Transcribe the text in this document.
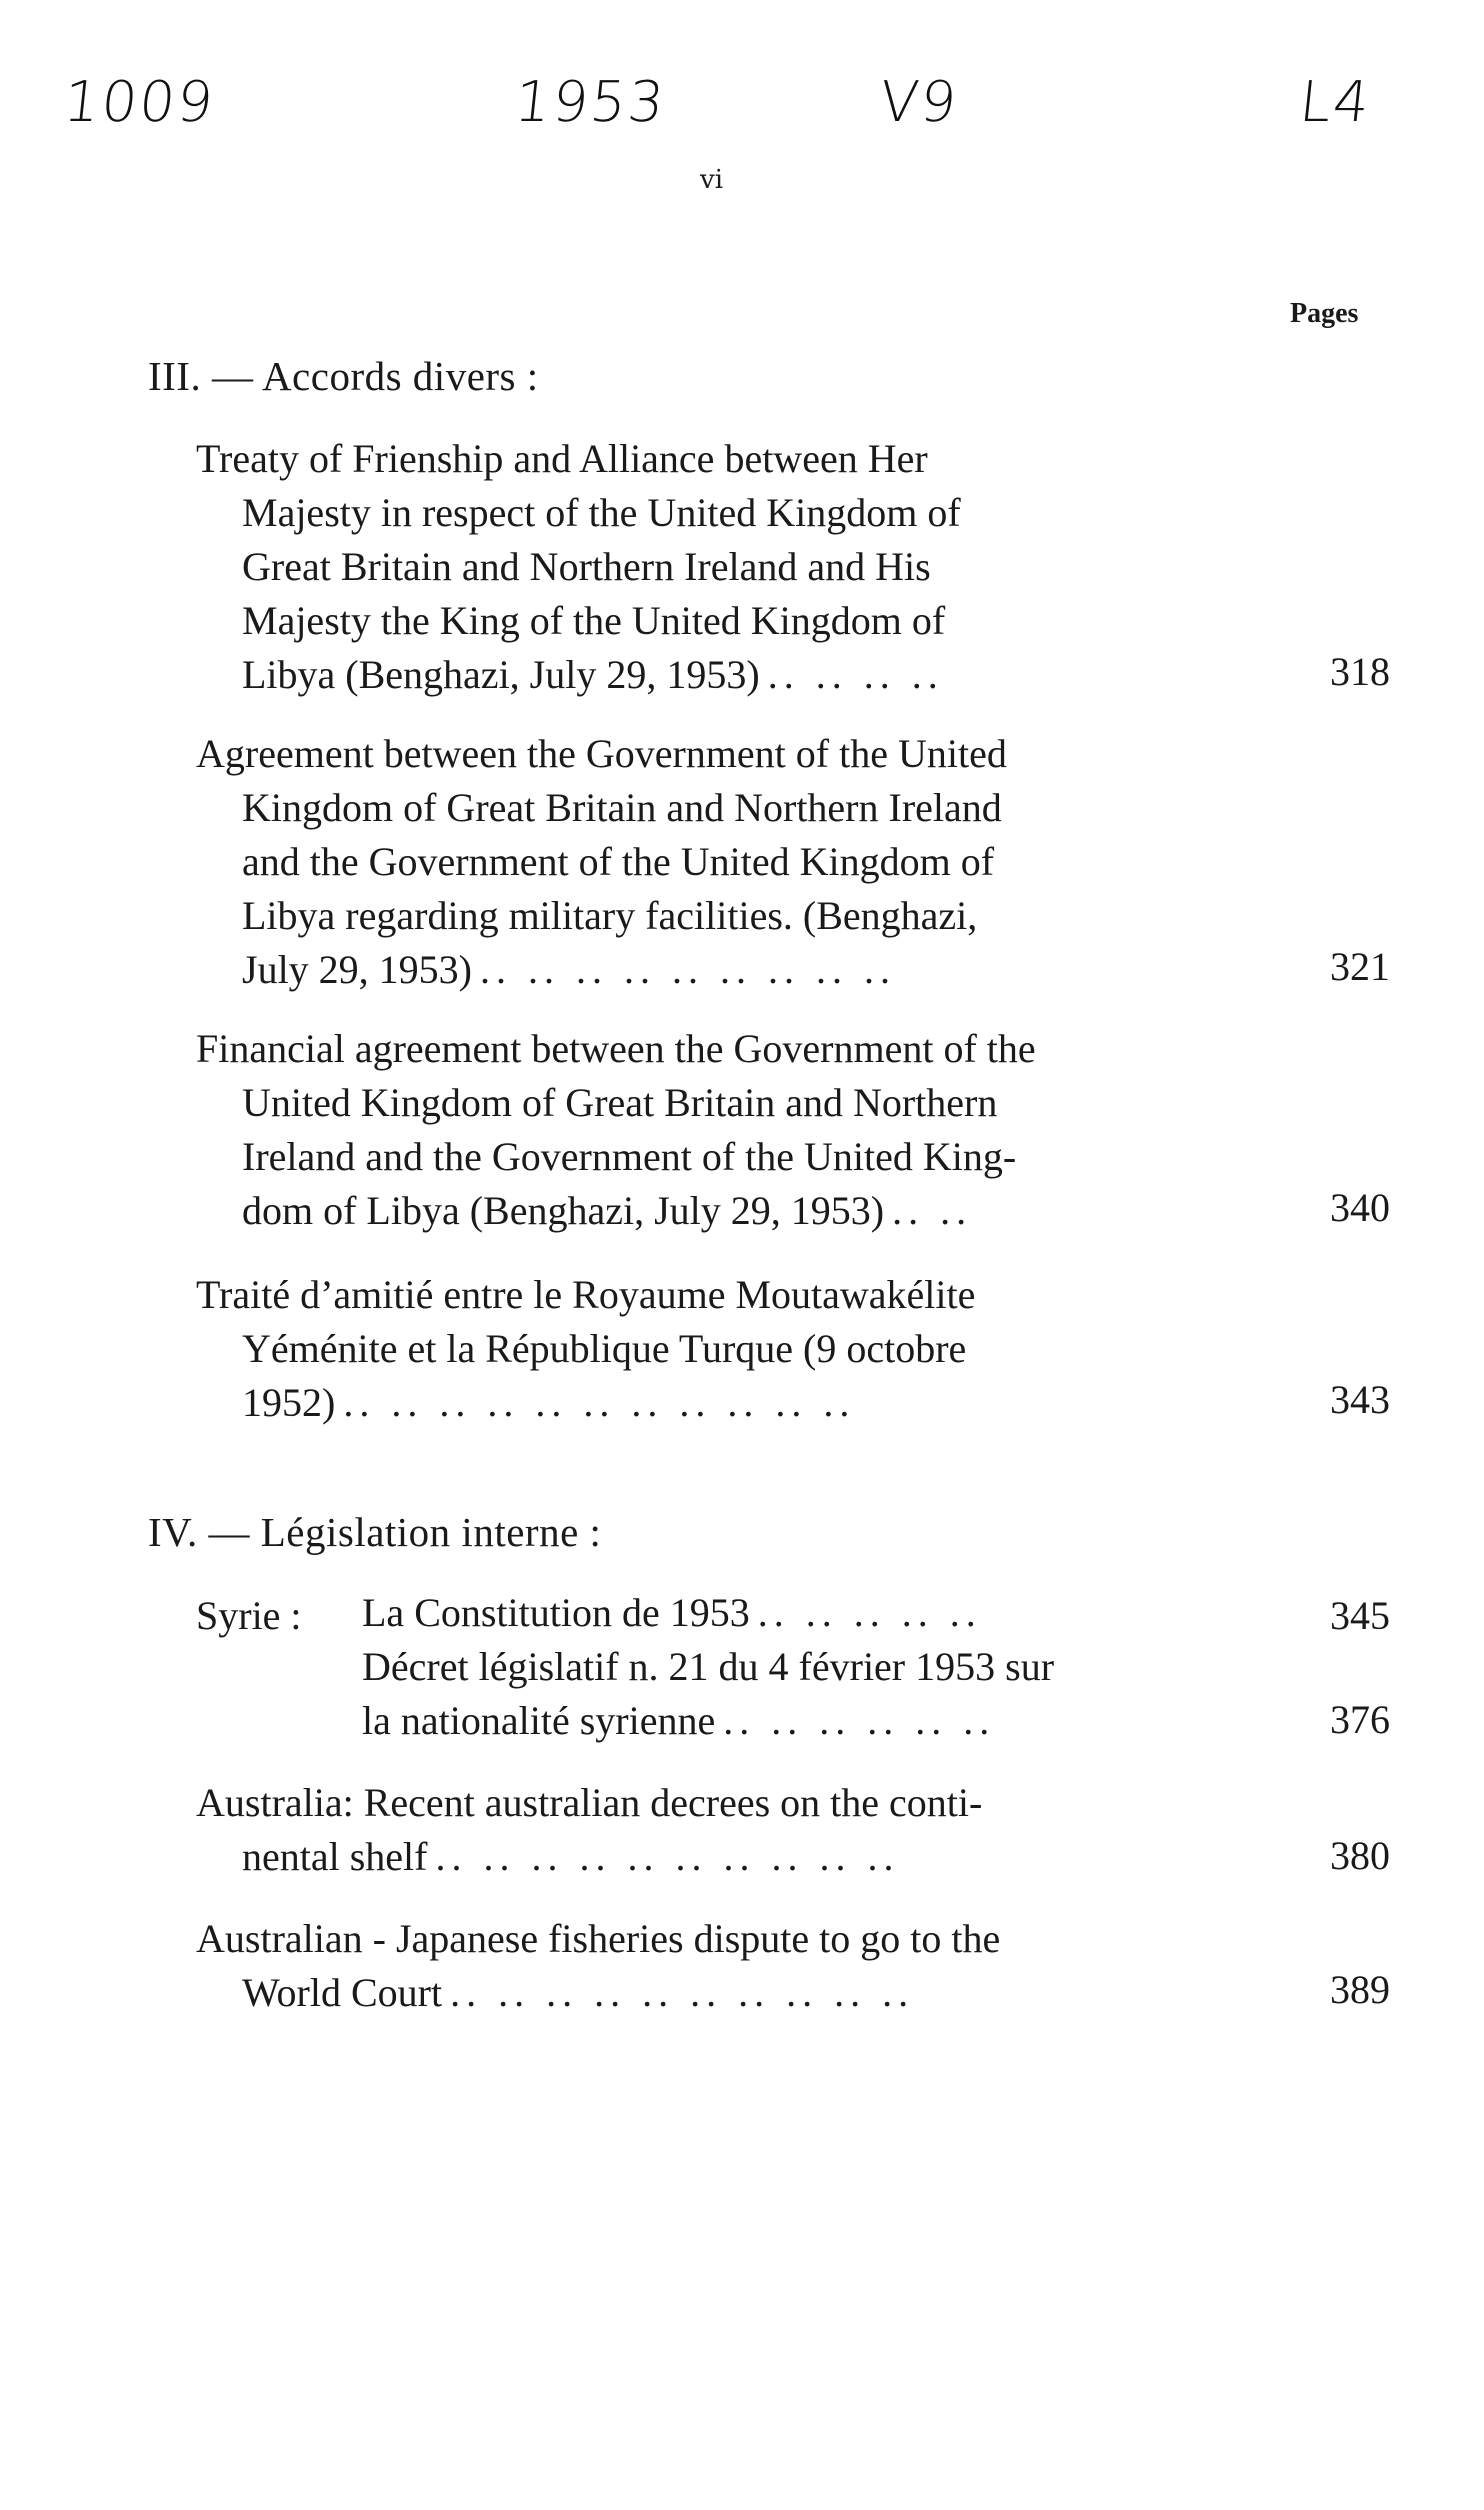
1009	1953	V9	L4
vi
Pages
III. — Accords divers :
Treaty of Frienship and Alliance between Her
Majesty in respect of the United Kingdom of
Great Britain and Northern Ireland and His
Majesty the King of the United Kingdom of
Libya (Benghazi, July 29, 1953) .. .. .. ..	318
Agreement between the Government of the United
Kingdom of Great Britain and Northern Ireland
and the Government of the United Kingdom of
Libya regarding military facilities. (Benghazi,
July 29, 1953) .. .. .. .. .. .. .. .. ..	321
Financial agreement between the Government of the
United Kingdom of Great Britain and Northern
Ireland and the Government of the United King-
dom of Libya (Benghazi, July 29, 1953) .. ..	340
Traité d’amitié entre le Royaume Moutawakélite
Yéménite et la République Turque (9 octobre
1952) .. .. .. .. .. .. .. .. .. .. ..	343
IV. — Législation interne :
Syrie : La Constitution de 1953 .. .. .. .. ..	345
Décret législatif n. 21 du 4 février 1953 sur
la nationalité syrienne .. .. .. .. .. ..	376
Australia: Recent australian decrees on the conti-
nental shelf .. .. .. .. .. .. .. .. .. ..	380
Australian - Japanese fisheries dispute to go to the
World Court .. .. .. .. .. .. .. .. .. ..	389
